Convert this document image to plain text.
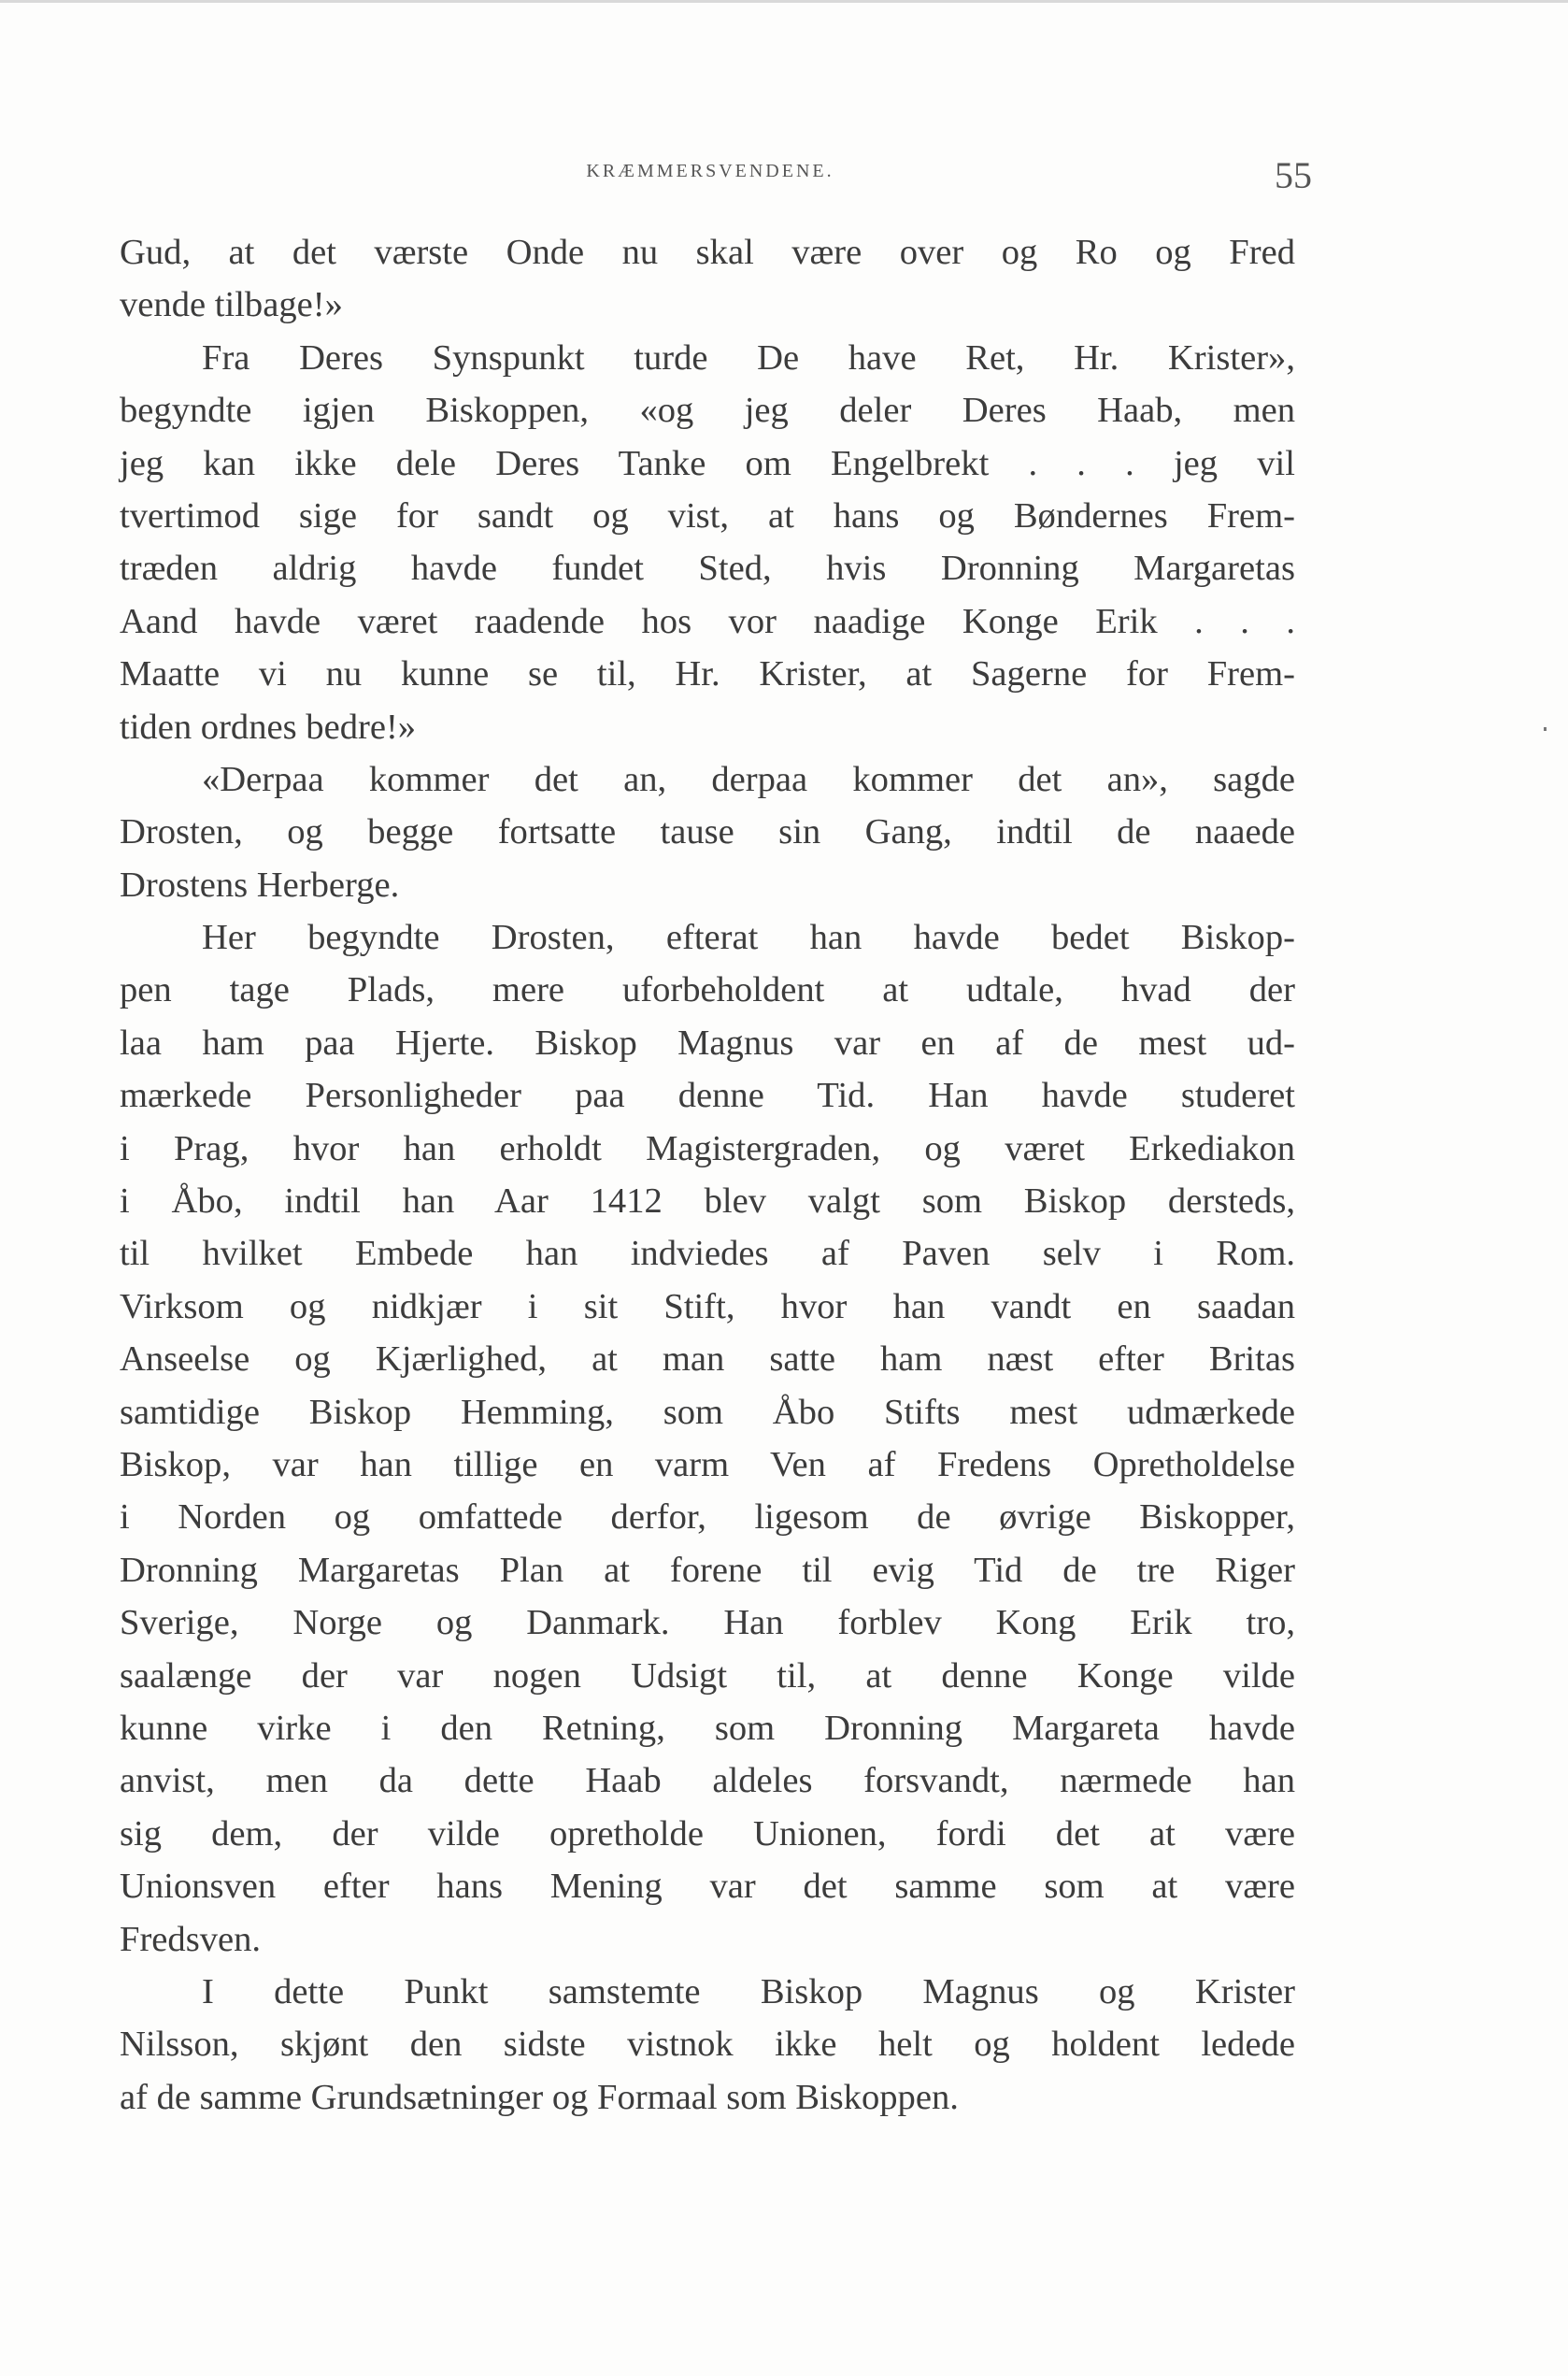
KRÆMMERSVENDENE.	55
Gud, at det værste Onde nu skal være over og Ro og Fred
vende tilbage!»
Fra Deres Synspunkt turde De have Ret, Hr. Krister»,
begyndte igjen Biskoppen, «og jeg deler Deres Haab, men
jeg kan ikke dele Deres Tanke om Engelbrekt . . . jeg vil
tvertimod sige for sandt og vist, at hans og Bøndernes Frem-
træden aldrig havde fundet Sted, hvis Dronning Margaretas
Aand havde været raadende hos vor naadige Konge Erik . . .
Maatte vi nu kunne se til, Hr. Krister, at Sagerne for Frem-
tiden ordnes bedre!»
«Derpaa kommer det an, derpaa kommer det an», sagde
Drosten, og begge fortsatte tause sin Gang, indtil de naaede
Drostens Herberge.
Her begyndte Drosten, efterat han havde bedet Biskop-
pen tage Plads, mere uforbeholdent at udtale, hvad der
laa ham paa Hjerte. Biskop Magnus var en af de mest ud-
mærkede Personligheder paa denne Tid. Han havde studeret
i Prag, hvor han erholdt Magistergraden, og været Erkediakon
i Åbo, indtil han Aar 1412 blev valgt som Biskop dersteds,
til hvilket Embede han indviedes af Paven selv i Rom.
Virksom og nidkjær i sit Stift, hvor han vandt en saadan
Anseelse og Kjærlighed, at man satte ham næst efter Britas
samtidige Biskop Hemming, som Åbo Stifts mest udmærkede
Biskop, var han tillige en varm Ven af Fredens Opretholdelse
i Norden og omfattede derfor, ligesom de øvrige Biskopper,
Dronning Margaretas Plan at forene til evig Tid de tre Riger
Sverige, Norge og Danmark. Han forblev Kong Erik tro,
saalænge der var nogen Udsigt til, at denne Konge vilde
kunne virke i den Retning, som Dronning Margareta havde
anvist, men da dette Haab aldeles forsvandt, nærmede han
sig dem, der vilde opretholde Unionen, fordi det at være
Unionsven efter hans Mening var det samme som at være
Fredsven.
I dette Punkt samstemte Biskop Magnus og Krister
Nilsson, skjønt den sidste vistnok ikke helt og holdent ledede
af de samme Grundsætninger og Formaal som Biskoppen.
